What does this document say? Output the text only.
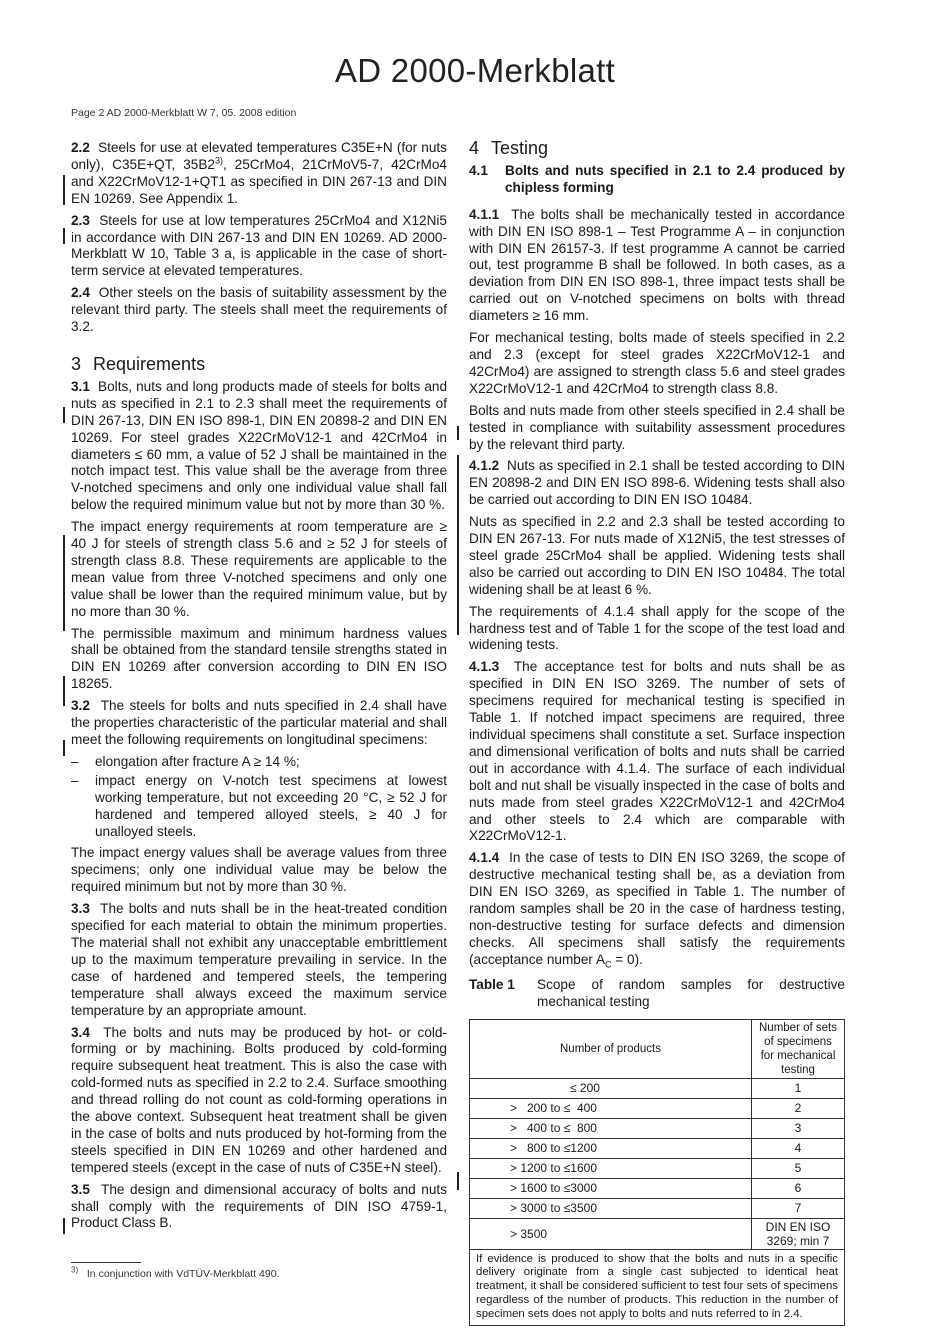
AD 2000-Merkblatt
Page 2 AD 2000-Merkblatt W 7, 05. 2008 edition

2.2 Steels for use at elevated temperatures C35E+N (for nuts only), C35E+QT, 35B2$^{3)}$, 25CrMo4, 21CrMoV5-7, 42CrMo4 and X22CrMoV12-1+QT1 as specified in DIN 267-13 and DIN EN 10269. See Appendix 1.

2.3 Steels for use at low temperatures 25CrMo4 and X12Ni5 in accordance with DIN 267-13 and DIN EN 10269. AD 2000-Merkblatt W 10, Table 3 a, is applicable in the case of short-term service at elevated temperatures.

2.4 Other steels on the basis of suitability assessment by the relevant third party. The steels shall meet the requirements of 3.2.

3 Requirements

3.1 Bolts, nuts and long products made of steels for bolts and nuts as specified in 2.1 to 2.3 shall meet the requirements of DIN 267-13, DIN EN ISO 898-1, DIN EN 20898-2 and DIN EN 10269. For steel grades X22CrMoV12-1 and 42CrMo4 in diameters ≤ 60 mm, a value of 52 J shall be maintained in the notch impact test. This value shall be the average from three V-notched specimens and only one individual value shall fall below the required minimum value but not by more than 30 %.

The impact energy requirements at room temperature are ≥ 40 J for steels of strength class 5.6 and ≥ 52 J for steels of strength class 8.8. These requirements are applicable to the mean value from three V-notched specimens and only one value shall be lower than the required minimum value, but by no more than 30 %.

The permissible maximum and minimum hardness values shall be obtained from the standard tensile strengths stated in DIN EN 10269 after conversion according to DIN EN ISO 18265.

3.2 The steels for bolts and nuts specified in 2.4 shall have the properties characteristic of the particular material and shall meet the following requirements on longitudinal specimens:

–	elongation after fracture A ≥ 14 %;
–	impact energy on V-notch test specimens at lowest working temperature, but not exceeding 20 °C, ≥ 52 J for hardened and tempered alloyed steels, ≥ 40 J for unalloyed steels.

The impact energy values shall be average values from three specimens; only one individual value may be below the required minimum but not by more than 30 %.

3.3 The bolts and nuts shall be in the heat-treated condition specified for each material to obtain the minimum properties. The material shall not exhibit any unacceptable embrittlement up to the maximum temperature prevailing in service. In the case of hardened and tempered steels, the tempering temperature shall always exceed the maximum service temperature by an appropriate amount.

3.4 The bolts and nuts may be produced by hot- or cold-forming or by machining. Bolts produced by cold-forming require subsequent heat treatment. This is also the case with cold-formed nuts as specified in 2.2 to 2.4. Surface smoothing and thread rolling do not count as cold-forming operations in the above context. Subsequent heat treatment shall be given in the case of bolts and nuts produced by hot-forming from the steels specified in DIN EN 10269 and other hardened and tempered steels (except in the case of nuts of C35E+N steel).

3.5 The design and dimensional accuracy of bolts and nuts shall comply with the requirements of DIN ISO 4759-1, Product Class B.

$^{3)}$ In conjunction with VdTÜV-Merkblatt 490.
4 Testing
4.1	Bolts and nuts specified in 2.1 to 2.4 produced by chipless forming

4.1.1 The bolts shall be mechanically tested in accordance with DIN EN ISO 898-1 – Test Programme A – in conjunction with DIN EN 26157-3. If test programme A cannot be carried out, test programme B shall be followed. In both cases, as a deviation from DIN EN ISO 898-1, three impact tests shall be carried out on V-notched specimens on bolts with thread diameters ≥ 16 mm.

For mechanical testing, bolts made of steels specified in 2.2 and 2.3 (except for steel grades X22CrMoV12-1 and 42CrMo4) are assigned to strength class 5.6 and steel grades X22CrMoV12-1 and 42CrMo4 to strength class 8.8.

Bolts and nuts made from other steels specified in 2.4 shall be tested in compliance with suitability assessment procedures by the relevant third party.

4.1.2 Nuts as specified in 2.1 shall be tested according to DIN EN 20898-2 and DIN EN ISO 898-6. Widening tests shall also be carried out according to DIN EN ISO 10484.

Nuts as specified in 2.2 and 2.3 shall be tested according to DIN EN 267-13. For nuts made of X12Ni5, the test stresses of steel grade 25CrMo4 shall be applied. Widening tests shall also be carried out according to DIN EN ISO 10484. The total widening shall be at least 6 %.

The requirements of 4.1.4 shall apply for the scope of the hardness test and of Table 1 for the scope of the test load and widening tests.

4.1.3 The acceptance test for bolts and nuts shall be as specified in DIN EN ISO 3269. The number of sets of specimens required for mechanical testing is specified in Table 1. If notched impact specimens are required, three individual specimens shall constitute a set. Surface inspection and dimensional verification of bolts and nuts shall be carried out in accordance with 4.1.4. The surface of each individual bolt and nut shall be visually inspected in the case of bolts and nuts made from steel grades X22CrMoV12-1 and 42CrMo4 and other steels to 2.4 which are comparable with X22CrMoV12-1.

4.1.4 In the case of tests to DIN EN ISO 3269, the scope of destructive mechanical testing shall be, as a deviation from DIN EN ISO 3269, as specified in Table 1. The number of random samples shall be 20 in the case of hardness testing, non-destructive testing for surface defects and dimension checks. All specimens shall satisfy the requirements (acceptance number $A_C = 0$).

Table 1	Scope of random samples for destructive mechanical testing
Number of products	Number of sets of specimens for mechanical testing
≤ 200	1
>   200 to ≤  400	2
>   400 to ≤  800	3
>   800 to ≤1200	4
> 1200 to ≤1600	5
> 1600 to ≤3000	6
> 3000 to ≤3500	7
> 3500	DIN EN ISO 3269; min 7
If evidence is produced to show that the bolts and nuts in a specific delivery originate from a single cast subjected to identical heat treatment, it shall be considered sufficient to test four sets of specimens regardless of the number of products. This reduction in the number of specimen sets does not apply to bolts and nuts referred to in 2.4.	
